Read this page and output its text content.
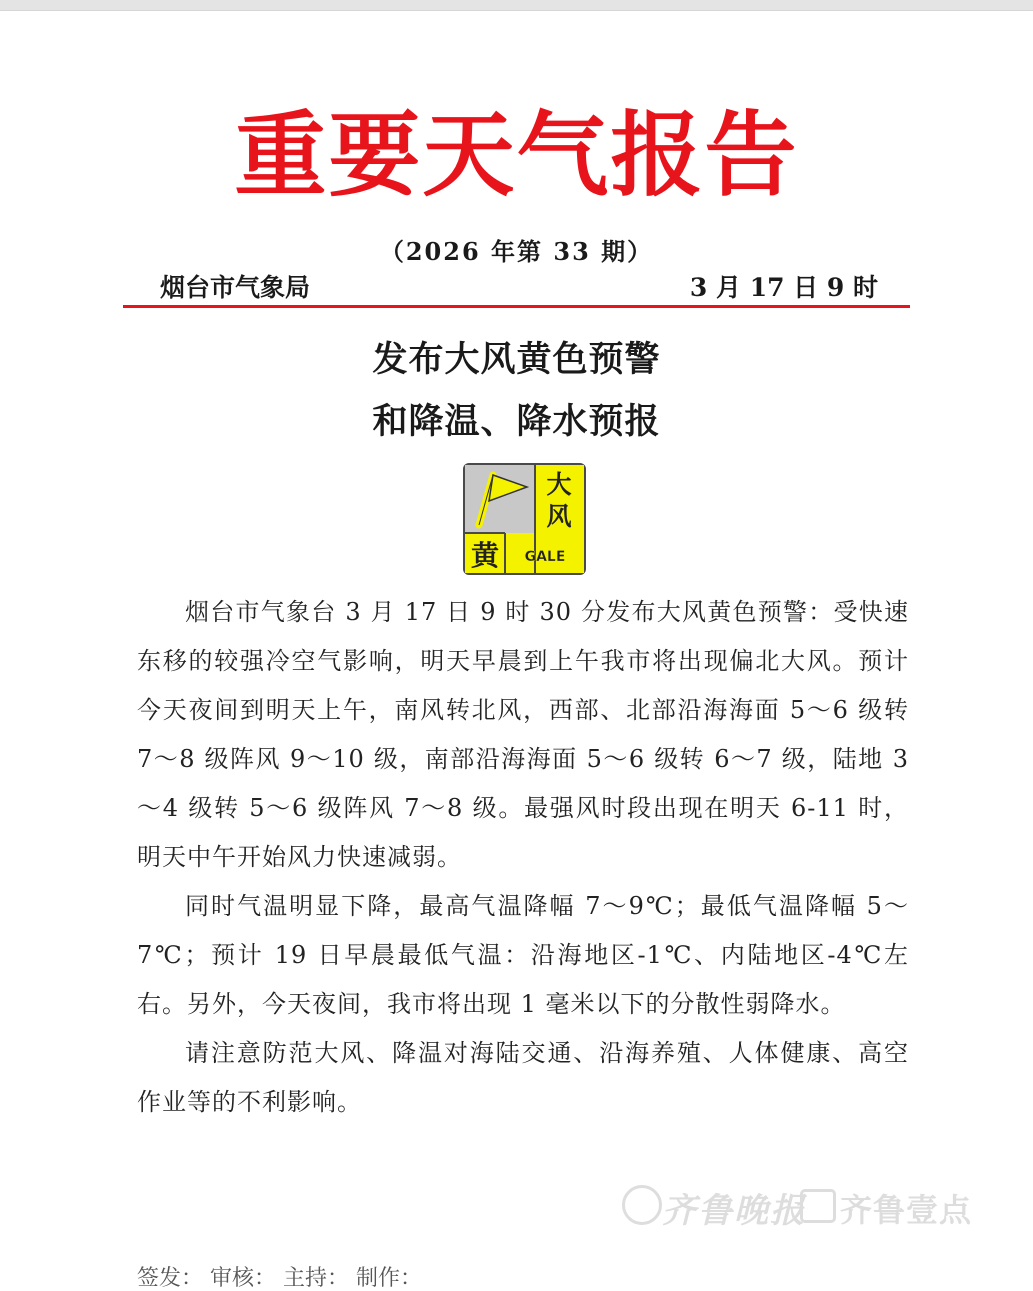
重要天气报告
（2026 年第 33 期）
烟台市气象局	3 月 17 日 9 时
发布大风黄色预警
和降温、降水预报
大
风
黄 GALE

烟台市气象台 3 月 17 日 9 时 30 分发布大风黄色预警：受快速东移的较强冷空气影响，明天早晨到上午我市将出现偏北大风。预计今天夜间到明天上午，南风转北风，西部、北部沿海海面 5～6 级转 7～8 级阵风 9～10 级，南部沿海海面 5～6 级转 6～7 级，陆地 3～4 级转 5～6 级阵风 7～8 级。最强风时段出现在明天 6-11 时，明天中午开始风力快速减弱。

同时气温明显下降，最高气温降幅 7～9℃；最低气温降幅 5～7℃；预计 19 日早晨最低气温：沿海地区-1℃、内陆地区-4℃左右。另外，今天夜间，我市将出现 1 毫米以下的分散性弱降水。

请注意防范大风、降温对海陆交通、沿海养殖、人体健康、高空作业等的不利影响。

齐鲁晚报 齐鲁壹点
签发： 审核： 主持： 制作：
